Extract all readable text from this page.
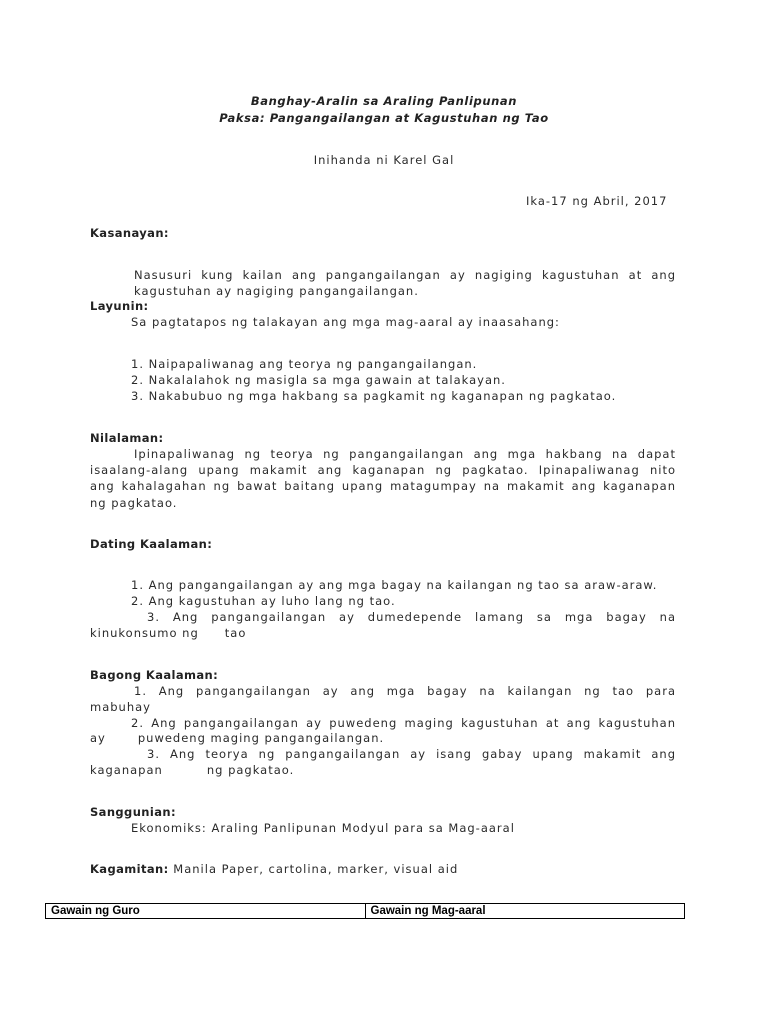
Banghay-Aralin sa Araling Panlipunan
Paksa: Pangangailangan at Kagustuhan ng Tao
Inihanda ni Karel Gal
Ika-17 ng Abril, 2017
Kasanayan:
Nasusuri kung kailan ang pangangailangan ay nagiging kagustuhan at ang
kagustuhan ay nagiging pangangailangan.
Layunin:
Sa pagtatapos ng talakayan ang mga mag-aaral ay inaasahang:
1. Naipapaliwanag ang teorya ng pangangailangan.
2. Nakalalahok ng masigla sa mga gawain at talakayan.
3. Nakabubuo ng mga hakbang sa pagkamit ng kaganapan ng pagkatao.
Nilalaman:
Ipinapaliwanag ng teorya ng pangangailangan ang mga hakbang na dapat
isaalang-alang upang makamit ang kaganapan ng pagkatao. Ipinapaliwanag nito
ang kahalagahan ng bawat baitang upang matagumpay na makamit ang kaganapan
ng pagkatao.
Dating Kaalaman:
1. Ang pangangailangan ay ang mga bagay na kailangan ng tao sa araw-araw.
2. Ang kagustuhan ay luho lang ng tao.
3. Ang pangangailangan ay dumedepende lamang sa mga bagay na
kinukonsumo ng tao
Bagong Kaalaman:
1. Ang pangangailangan ay ang mga bagay na kailangan ng tao para
mabuhay
2. Ang pangangailangan ay puwedeng maging kagustuhan at ang kagustuhan
ay	puwedeng maging pangangailangan.
3. Ang teorya ng pangangailangan ay isang gabay upang makamit ang
kaganapan	ng pagkatao.
Sanggunian:
Ekonomiks: Araling Panlipunan Modyul para sa Mag-aaral
Kagamitan: Manila Paper, cartolina, marker, visual aid
Gawain ng Guro	Gawain ng Mag-aaral
